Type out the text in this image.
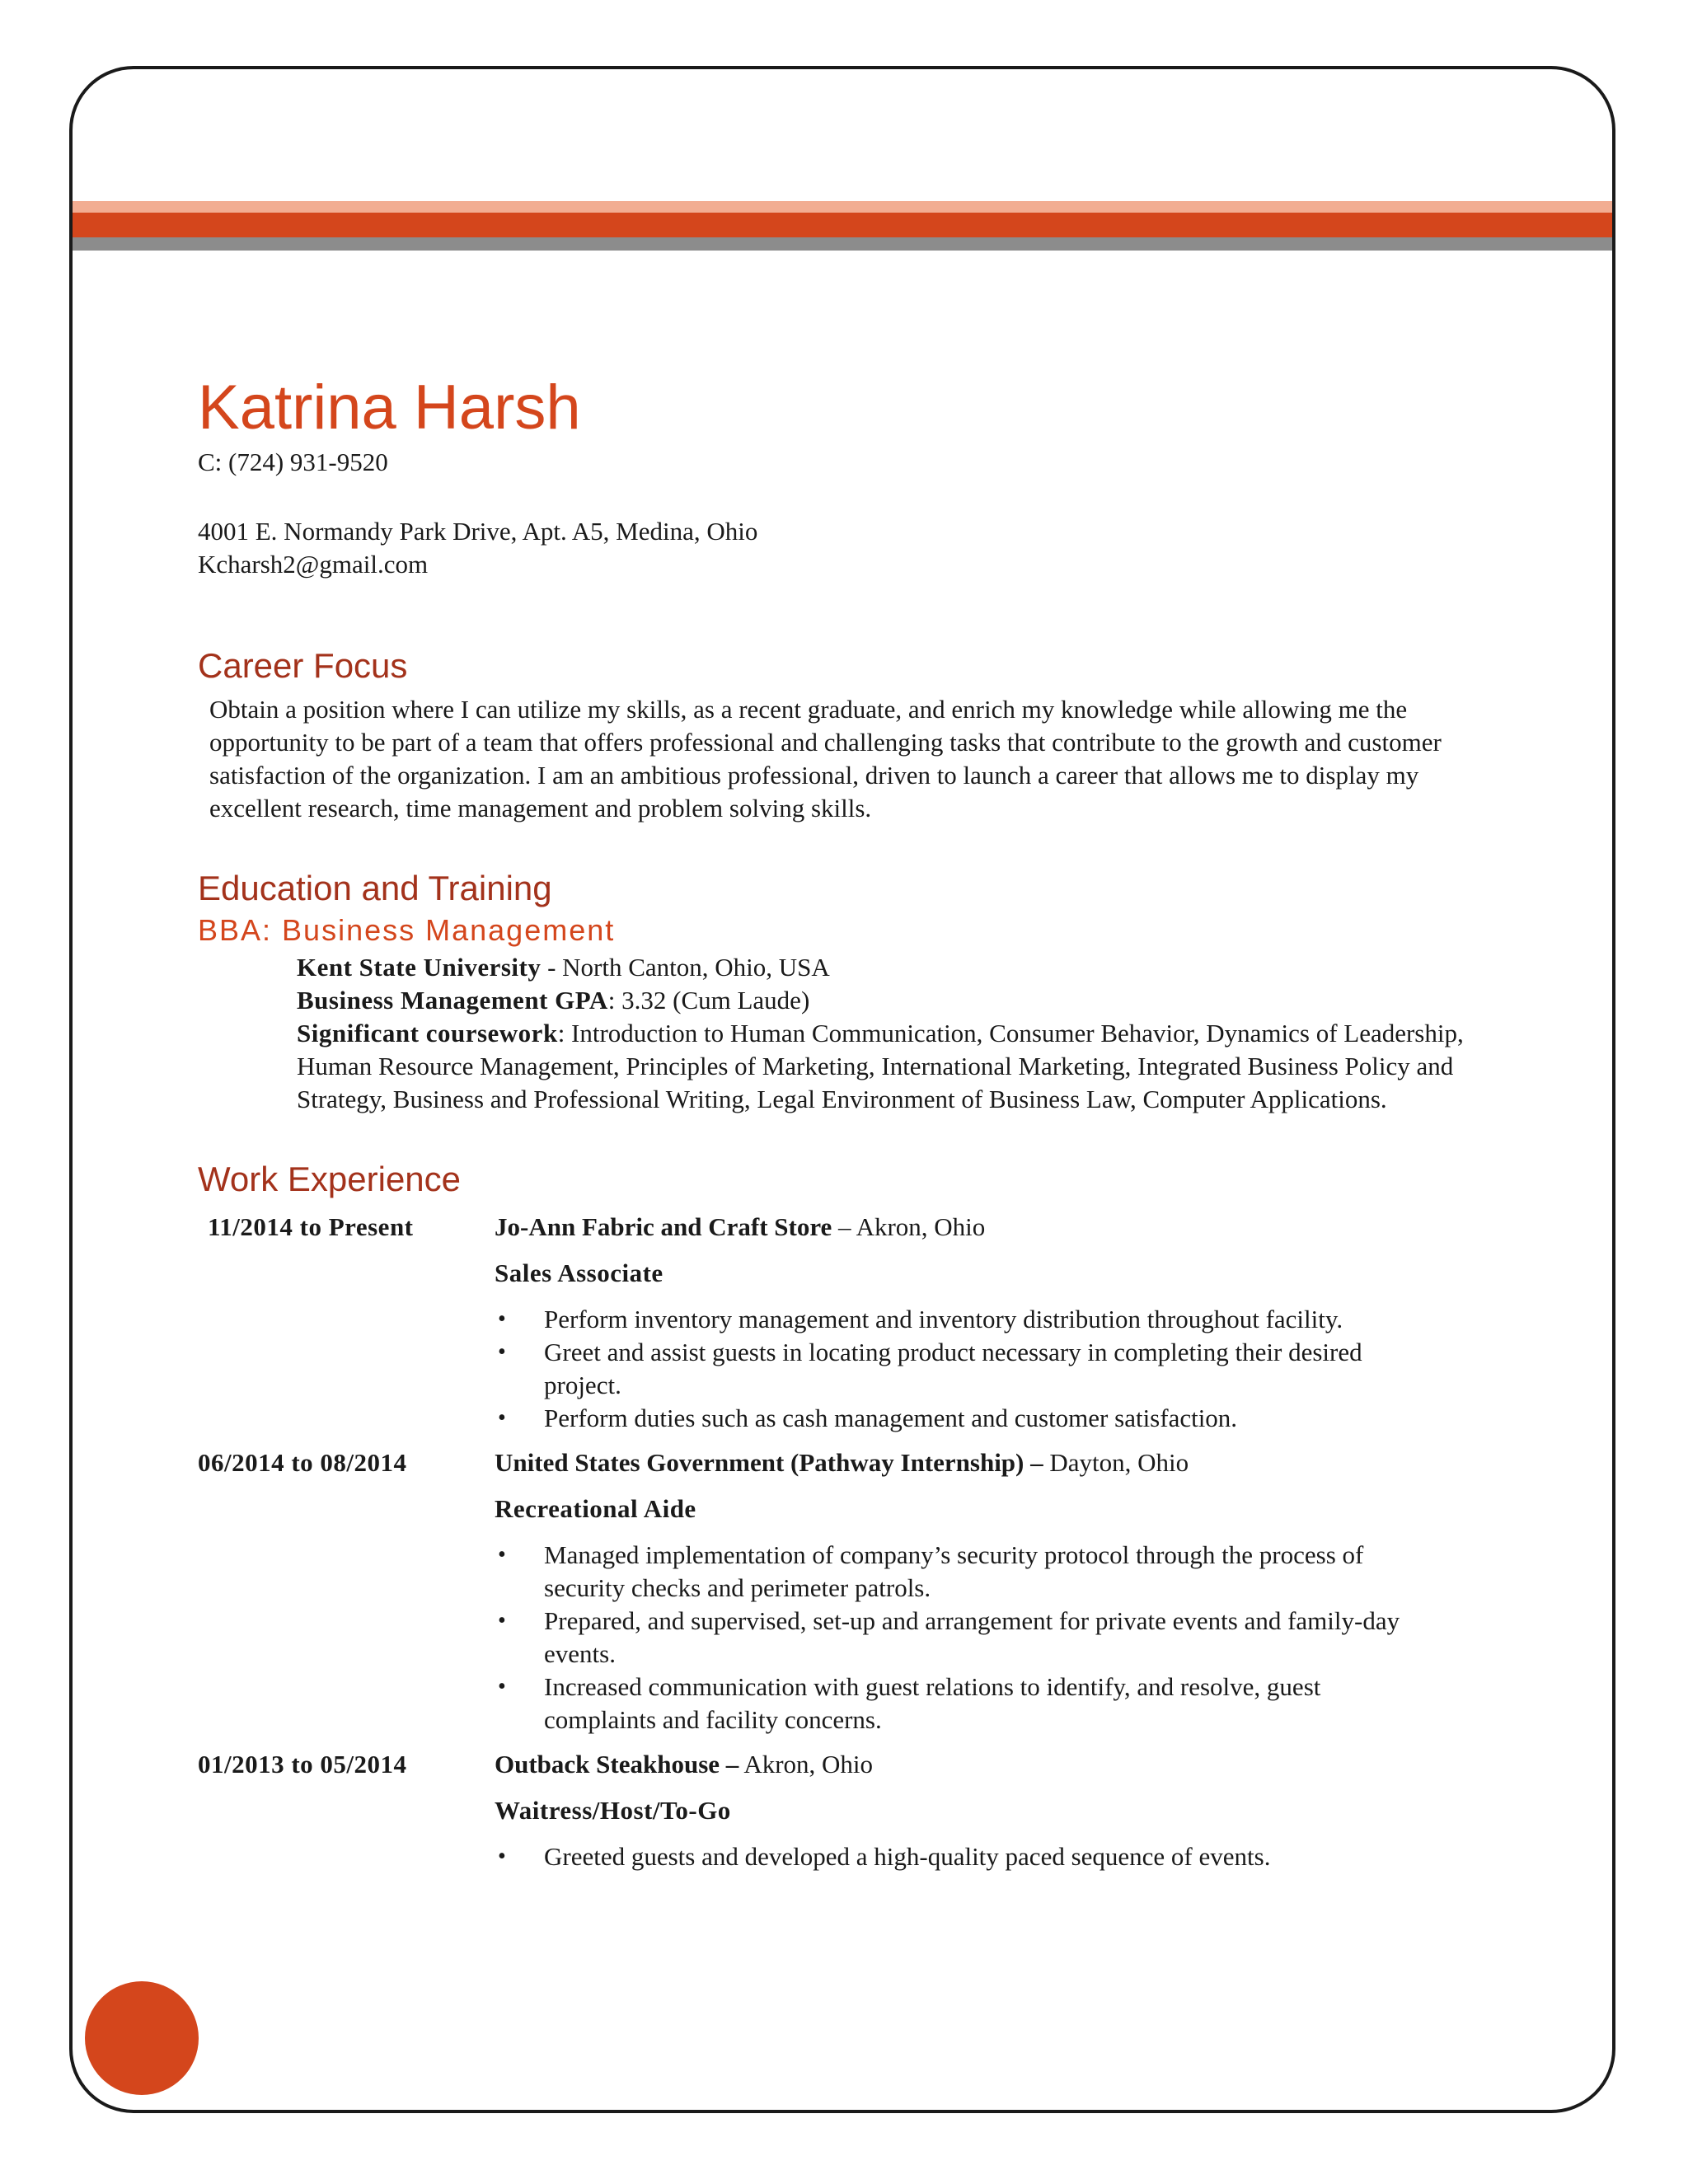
Katrina Harsh

C: (724) 931-9520

4001 E. Normandy Park Drive, Apt. A5, Medina, Ohio

Kcharsh2@gmail.com

Career Focus

Obtain a position where I can utilize my skills, as a recent graduate, and enrich my knowledge while allowing me the opportunity to be part of a team that offers professional and challenging tasks that contribute to the growth and customer satisfaction of the organization. I am an ambitious professional, driven to launch a career that allows me to display my excellent research, time management and problem solving skills.

Education and Training

BBA: Business Management

Kent State University - North Canton, Ohio, USA

Business Management GPA: 3.32 (Cum Laude)

Significant coursework: Introduction to Human Communication, Consumer Behavior, Dynamics of Leadership, Human Resource Management, Principles of Marketing, International Marketing, Integrated Business Policy and Strategy, Business and Professional Writing, Legal Environment of Business Law, Computer Applications.

Work Experience
11/2014 to Present	Jo-Ann Fabric and Craft Store – Akron, Ohio

Sales Associate

• Perform inventory management and inventory distribution throughout facility.
• Greet and assist guests in locating product necessary in completing their desired project.
• Perform duties such as cash management and customer satisfaction.
06/2014 to 08/2014	United States Government (Pathway Internship) – Dayton, Ohio

Recreational Aide

• Managed implementation of company’s security protocol through the process of security checks and perimeter patrols.
• Prepared, and supervised, set-up and arrangement for private events and family-day events.
• Increased communication with guest relations to identify, and resolve, guest complaints and facility concerns.
01/2013 to 05/2014	Outback Steakhouse – Akron, Ohio

Waitress/Host/To-Go

• Greeted guests and developed a high-quality paced sequence of events.
